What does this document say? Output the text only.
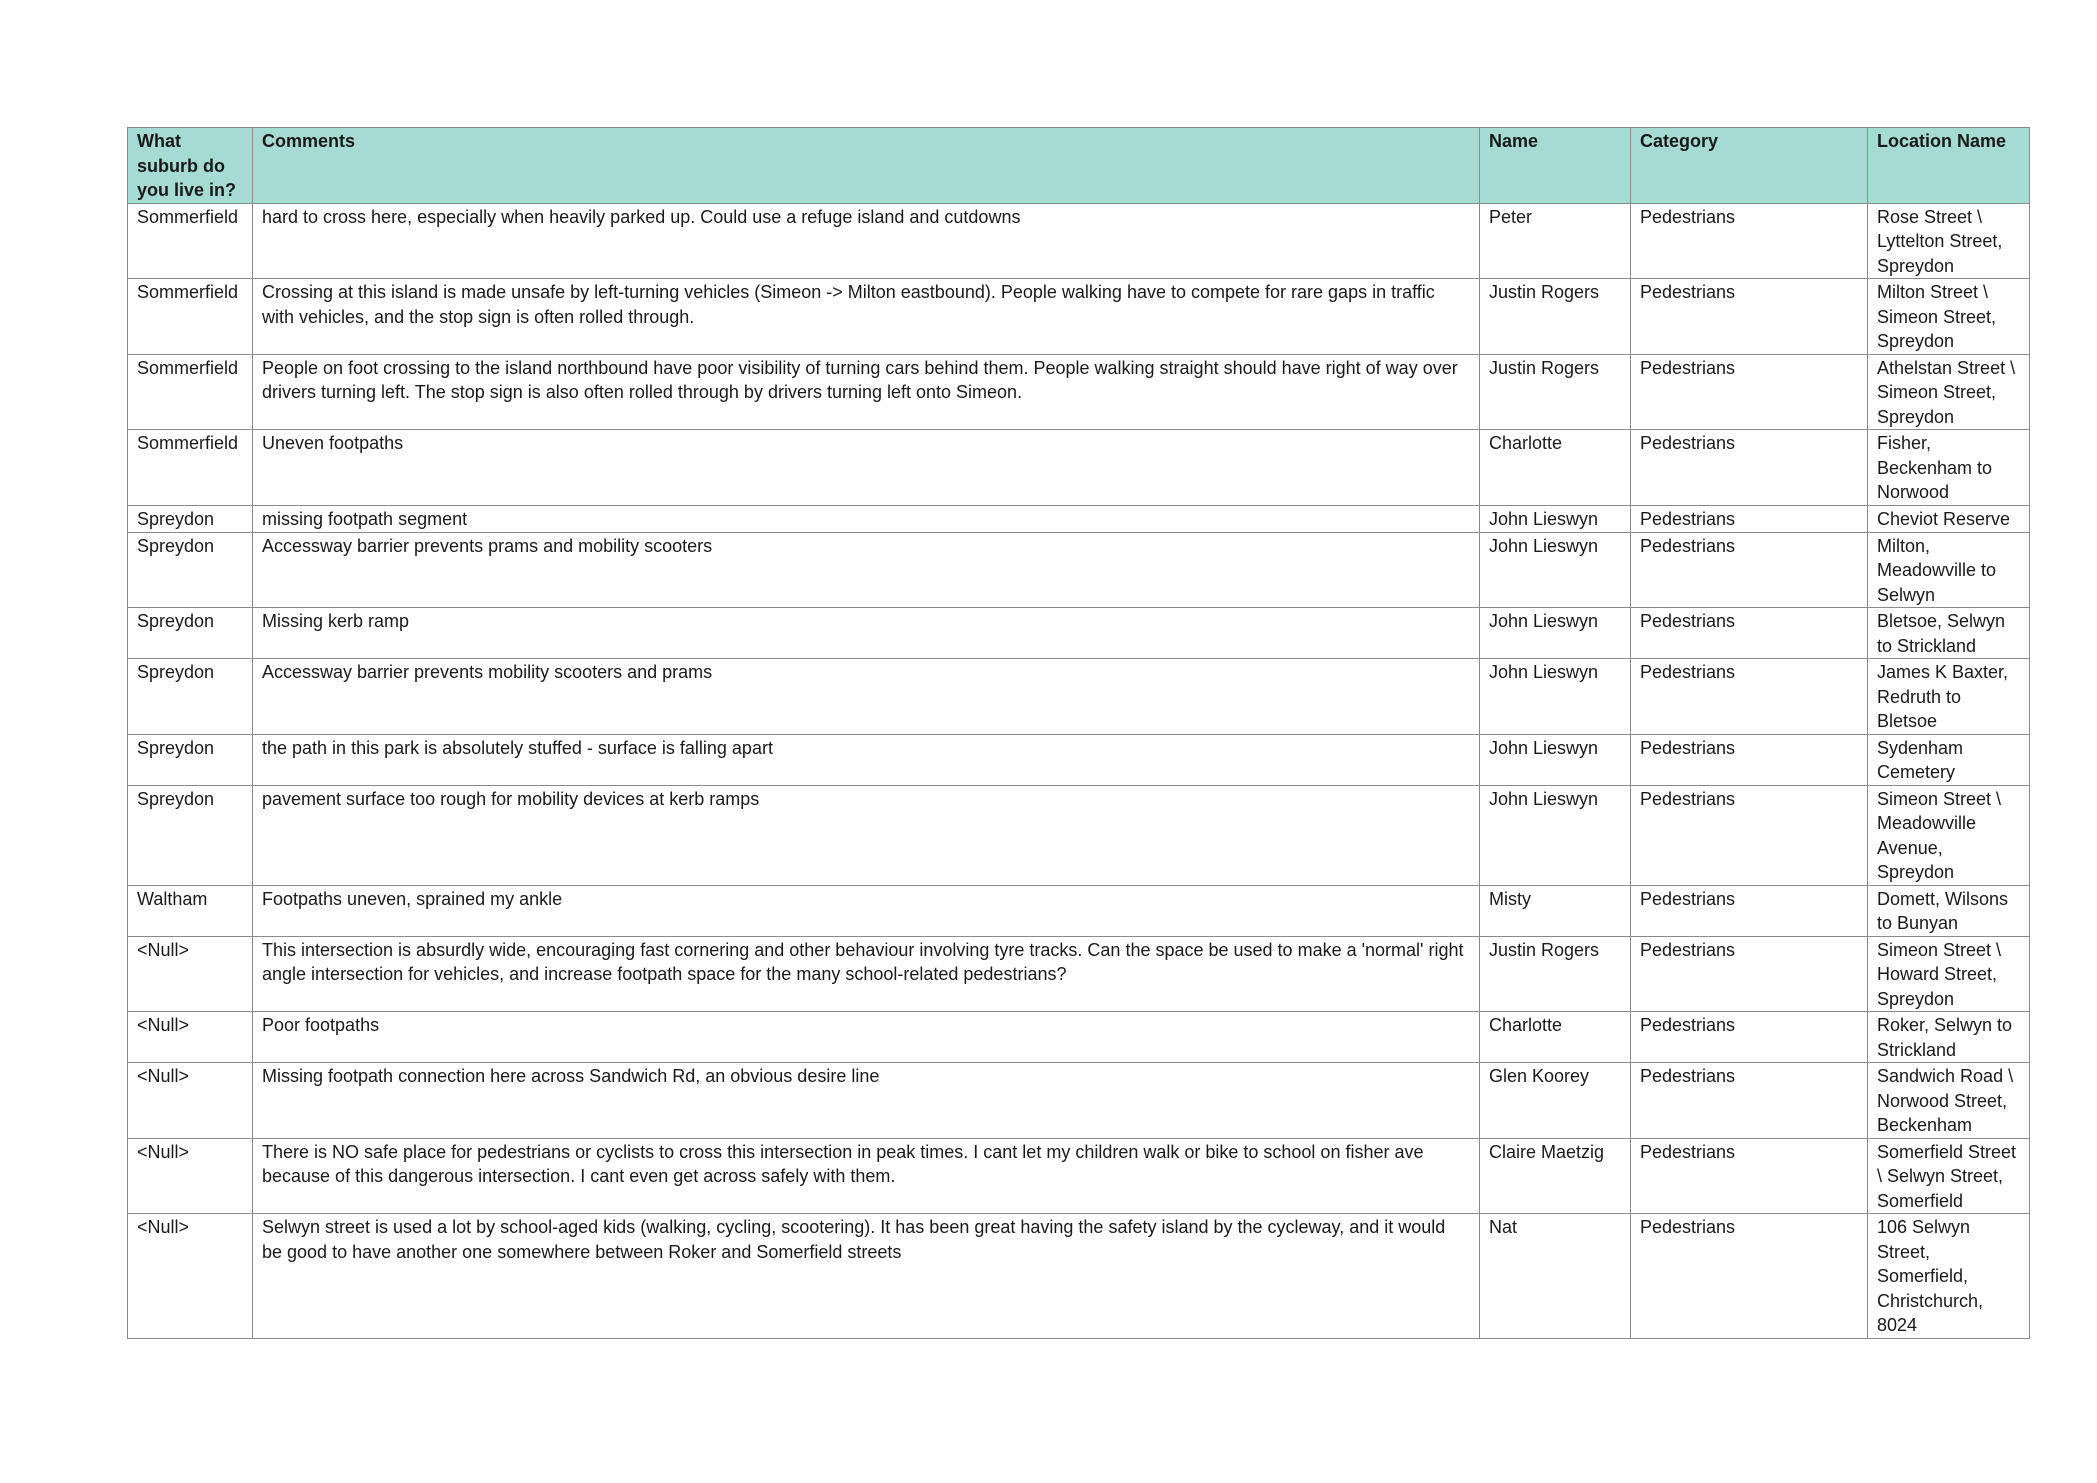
What suburb do you live in?	Comments	Name	Category	Location Name
Sommerfield	hard to cross here, especially when heavily parked up. Could use a refuge island and cutdowns	Peter	Pedestrians	Rose Street \ Lyttelton Street, Spreydon
Sommerfield	Crossing at this island is made unsafe by left-turning vehicles (Simeon -> Milton eastbound). People walking have to compete for rare gaps in traffic with vehicles, and the stop sign is often rolled through.	Justin Rogers	Pedestrians	Milton Street \ Simeon Street, Spreydon
Sommerfield	People on foot crossing to the island northbound have poor visibility of turning cars behind them. People walking straight should have right of way over drivers turning left. The stop sign is also often rolled through by drivers turning left onto Simeon.	Justin Rogers	Pedestrians	Athelstan Street \ Simeon Street, Spreydon
Sommerfield	Uneven footpaths	Charlotte	Pedestrians	Fisher, Beckenham to Norwood
Spreydon	missing footpath segment	John Lieswyn	Pedestrians	Cheviot Reserve
Spreydon	Accessway barrier prevents prams and mobility scooters	John Lieswyn	Pedestrians	Milton, Meadowville to Selwyn
Spreydon	Missing kerb ramp	John Lieswyn	Pedestrians	Bletsoe, Selwyn to Strickland
Spreydon	Accessway barrier prevents mobility scooters and prams	John Lieswyn	Pedestrians	James K Baxter, Redruth to Bletsoe
Spreydon	the path in this park is absolutely stuffed - surface is falling apart	John Lieswyn	Pedestrians	Sydenham Cemetery
Spreydon	pavement surface too rough for mobility devices at kerb ramps	John Lieswyn	Pedestrians	Simeon Street \ Meadowville Avenue, Spreydon
Waltham	Footpaths uneven, sprained my ankle	Misty	Pedestrians	Domett, Wilsons to Bunyan
<Null>	This intersection is absurdly wide, encouraging fast cornering and other behaviour involving tyre tracks. Can the space be used to make a 'normal' right angle intersection for vehicles, and increase footpath space for the many school-related pedestrians?	Justin Rogers	Pedestrians	Simeon Street \ Howard Street, Spreydon
<Null>	Poor footpaths	Charlotte	Pedestrians	Roker, Selwyn to Strickland
<Null>	Missing footpath connection here across Sandwich Rd, an obvious desire line	Glen Koorey	Pedestrians	Sandwich Road \ Norwood Street, Beckenham
<Null>	There is NO safe place for pedestrians or cyclists to cross this intersection in peak times. I cant let my children walk or bike to school on fisher ave because of this dangerous intersection. I cant even get across safely with them.	Claire Maetzig	Pedestrians	Somerfield Street \ Selwyn Street, Somerfield
<Null>	Selwyn street is used a lot by school-aged kids (walking, cycling, scootering). It has been great having the safety island by the cycleway, and it would be good to have another one somewhere between Roker and Somerfield streets	Nat	Pedestrians	106 Selwyn Street, Somerfield, Christchurch, 8024
